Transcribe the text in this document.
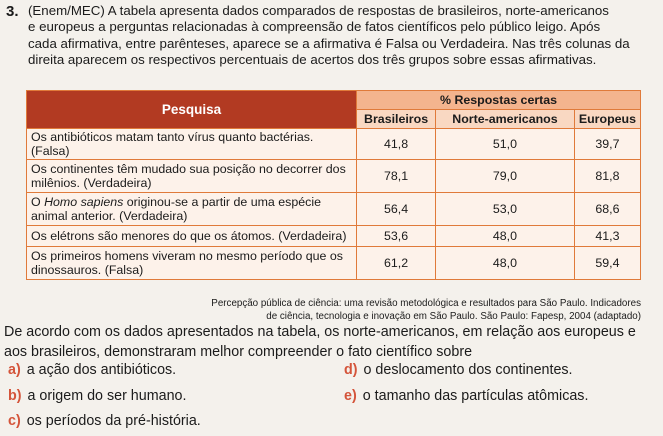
3. (Enem/MEC) A tabela apresenta dados comparados de respostas de brasileiros, norte-americanos

e europeus a perguntas relacionadas à compreensão de fatos científicos pelo público leigo. Após

cada afirmativa, entre parênteses, aparece se a afirmativa é Falsa ou Verdadeira. Nas três colunas da

direita aparecem os respectivos percentuais de acertos dos três grupos sobre essas afirmativas.

Pesquisa	% Respostas certas		
	Brasileiros	Norte-americanos	Europeus
Os antibióticos matam tanto vírus quanto bactérias. (Falsa)	41,8	51,0	39,7
Os continentes têm mudado sua posição no decorrer dos milênios. (Verdadeira)	78,1	79,0	81,8
O Homo sapiens originou-se a partir de uma espécie animal anterior. (Verdadeira)	56,4	53,0	68,6
Os elétrons são menores do que os átomos. (Verdadeira)	53,6	48,0	41,3
Os primeiros homens viveram no mesmo período que os dinossauros. (Falsa)	61,2	48,0	59,4
Percepção pública de ciência: uma revisão metodológica e resultados para São Paulo. Indicadores
de ciência, tecnologia e inovação em São Paulo. São Paulo: Fapesp, 2004 (adaptado)
De acordo com os dados apresentados na tabela, os norte-americanos, em relação aos europeus e aos brasileiros, demonstraram melhor compreender o fato científico sobre
a) a ação dos antibióticos.
b) a origem do ser humano.
c) os períodos da pré-história.
d) o deslocamento dos continentes.
e) o tamanho das partículas atômicas.
